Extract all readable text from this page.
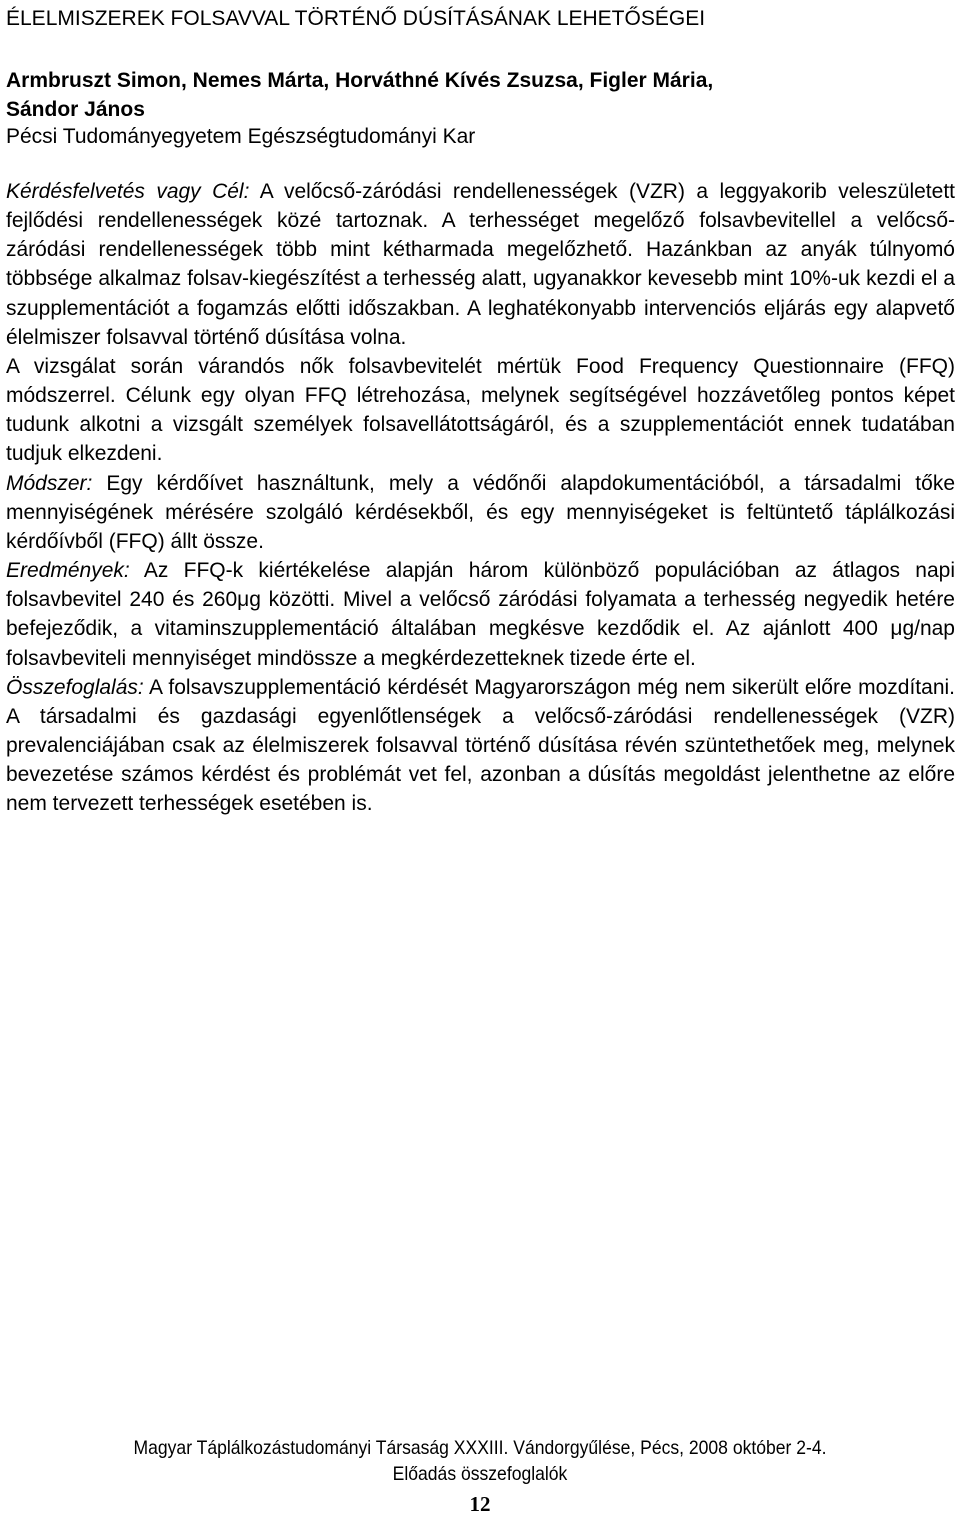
ÉLELMISZEREK FOLSAVVAL TÖRTÉNŐ DÚSÍTÁSÁNAK LEHETŐSÉGEI
Armbruszt Simon, Nemes Márta, Horváthné Kívés Zsuzsa, Figler Mária,
Sándor János
Pécsi Tudományegyetem Egészségtudományi Kar

Kérdésfelvetés vagy Cél: A velőcső-záródási rendellenességek (VZR) a leggyakorib veleszületett fejlődési rendellenességek közé tartoznak. A terhességet megelőző folsavbevitellel a velőcső-záródási rendellenességek több mint kétharmada megelőzhető. Hazánkban az anyák túlnyomó többsége alkalmaz folsav-kiegészítést a terhesség alatt, ugyanakkor kevesebb mint 10%-uk kezdi el a szupplementációt a fogamzás előtti időszakban. A leghatékonyabb intervenciós eljárás egy alapvető élelmiszer folsavval történő dúsítása volna.

A vizsgálat során várandós nők folsavbevitelét mértük Food Frequency Questionnaire (FFQ) módszerrel. Célunk egy olyan FFQ létrehozása, melynek segítségével hozzávetőleg pontos képet tudunk alkotni a vizsgált személyek folsavellátottságáról, és a szupplementációt ennek tudatában tudjuk elkezdeni.

Módszer: Egy kérdőívet használtunk, mely a védőnői alapdokumentációból, a társadalmi tőke mennyiségének mérésére szolgáló kérdésekből, és egy mennyiségeket is feltüntető táplálkozási kérdőívből (FFQ) állt össze.

Eredmények: Az FFQ-k kiértékelése alapján három különböző populációban az átlagos napi folsavbevitel 240 és 260μg közötti. Mivel a velőcső záródási folyamata a terhesség negyedik hetére befejeződik, a vitaminszupplementáció általában megkésve kezdődik el. Az ajánlott 400 μg/nap folsavbeviteli mennyiséget mindössze a megkérdezetteknek tizede érte el.

Összefoglalás: A folsavszupplementáció kérdését Magyarországon még nem sikerült előre mozdítani. A társadalmi és gazdasági egyenlőtlenségek a velőcső-záródási rendellenességek (VZR) prevalenciájában csak az élelmiszerek folsavval történő dúsítása révén szüntethetőek meg, melynek bevezetése számos kérdést és problémát vet fel, azonban a dúsítás megoldást jelenthetne az előre nem tervezett terhességek esetében is.

Magyar Táplálkozástudományi Társaság XXXIII. Vándorgyűlése, Pécs, 2008 október 2-4.
Előadás összefoglalók
12
